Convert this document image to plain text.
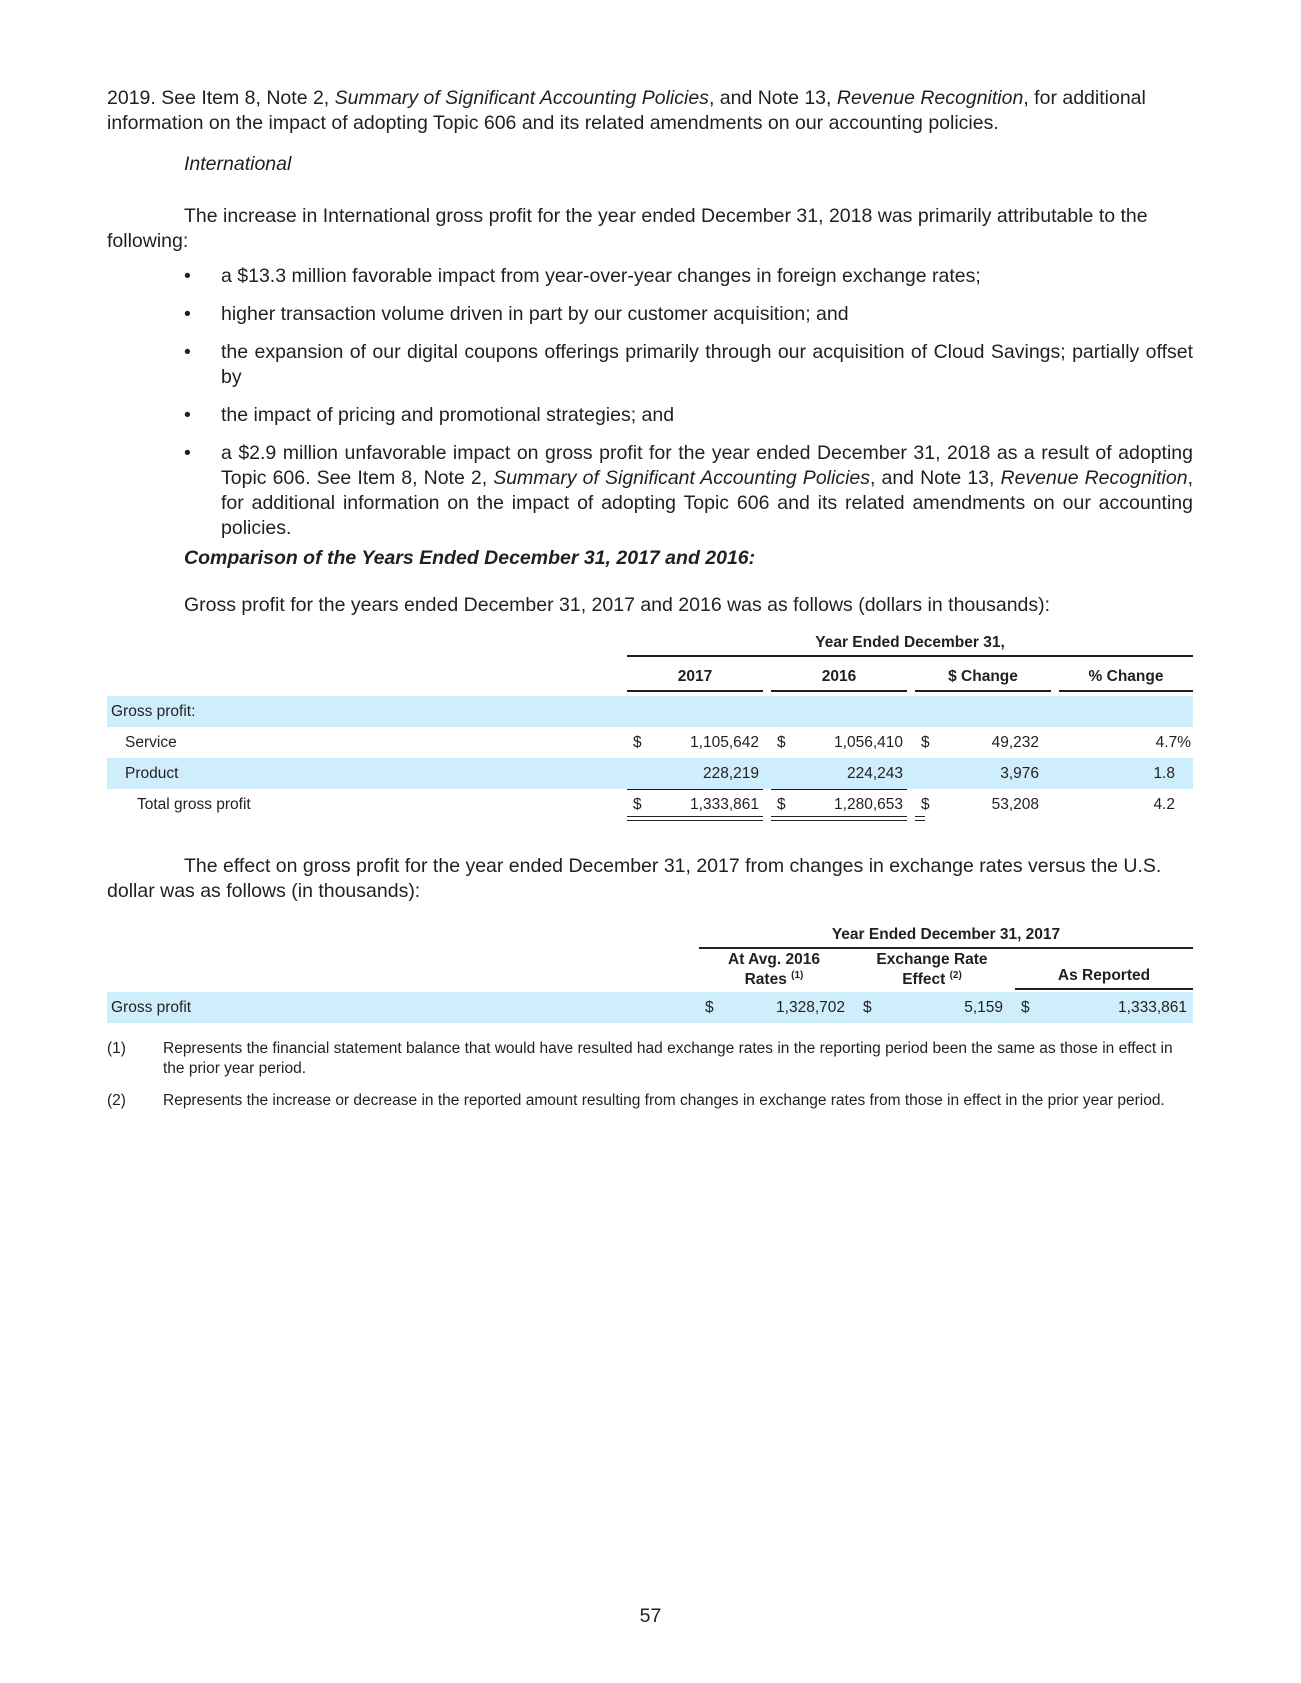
2019. See Item 8, Note 2, Summary of Significant Accounting Policies, and Note 13, Revenue Recognition, for additional information on the impact of adopting Topic 606 and its related amendments on our accounting policies.

International

The increase in International gross profit for the year ended December 31, 2018 was primarily attributable to the following:

• a $13.3 million favorable impact from year-over-year changes in foreign exchange rates;
• higher transaction volume driven in part by our customer acquisition; and
• the expansion of our digital coupons offerings primarily through our acquisition of Cloud Savings; partially offset by
• the impact of pricing and promotional strategies; and
• a $2.9 million unfavorable impact on gross profit for the year ended December 31, 2018 as a result of adopting Topic 606. See Item 8, Note 2, Summary of Significant Accounting Policies, and Note 13, Revenue Recognition, for additional information on the impact of adopting Topic 606 and its related amendments on our accounting policies.

Comparison of the Years Ended December 31, 2017 and 2016:

Gross profit for the years ended December 31, 2017 and 2016 was as follows (dollars in thousands):

Year Ended December 31,
2017	2016	$ Change	% Change
Gross profit:
Service	$	1,105,642 $	1,056,410 $	49,232	4.7%
Product	228,219	224,243	3,976	1.8
Total gross profit	$	1,333,861 $	1,280,653 $	53,208	4.2

The effect on gross profit for the year ended December 31, 2017 from changes in exchange rates versus the U.S. dollar was as follows (in thousands):

Year Ended December 31, 2017
At Avg. 2016
Rates $^{(1)}$
Exchange Rate
Effect $^{(2)}$	As Reported
Gross profit	$	1,328,702 $	5,159 $	1,333,861
(1) Represents the financial statement balance that would have resulted had exchange rates in the reporting period been the same as those in effect in the prior year period.
(2) Represents the increase or decrease in the reported amount resulting from changes in exchange rates from those in effect in the prior year period.
57
